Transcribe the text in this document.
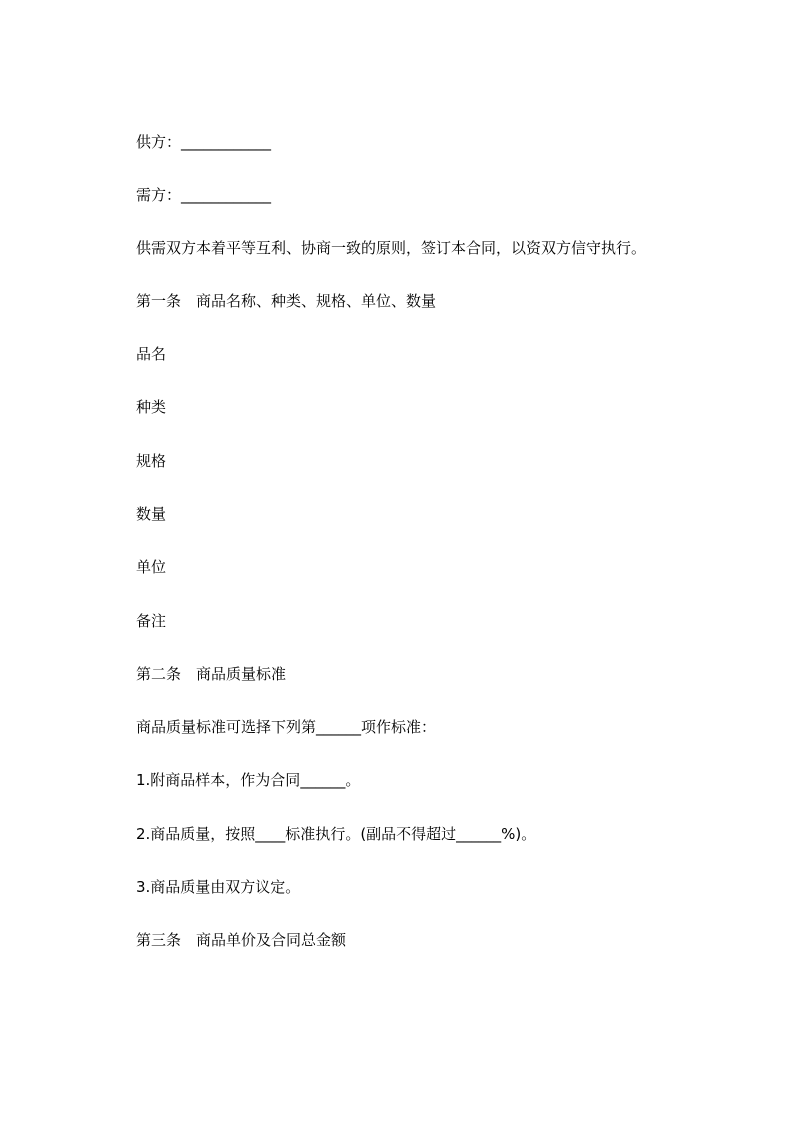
供方：____________
需方：____________
供需双方本着平等互利、协商一致的原则，签订本合同，以资双方信守执行。
第一条　商品名称、种类、规格、单位、数量
品名
种类
规格
数量
单位
备注
第二条　商品质量标准
商品质量标准可选择下列第______项作标准：
1.附商品样本，作为合同______。
2.商品质量，按照____标准执行。(副品不得超过______%)。
3.商品质量由双方议定。
第三条　商品单价及合同总金额
